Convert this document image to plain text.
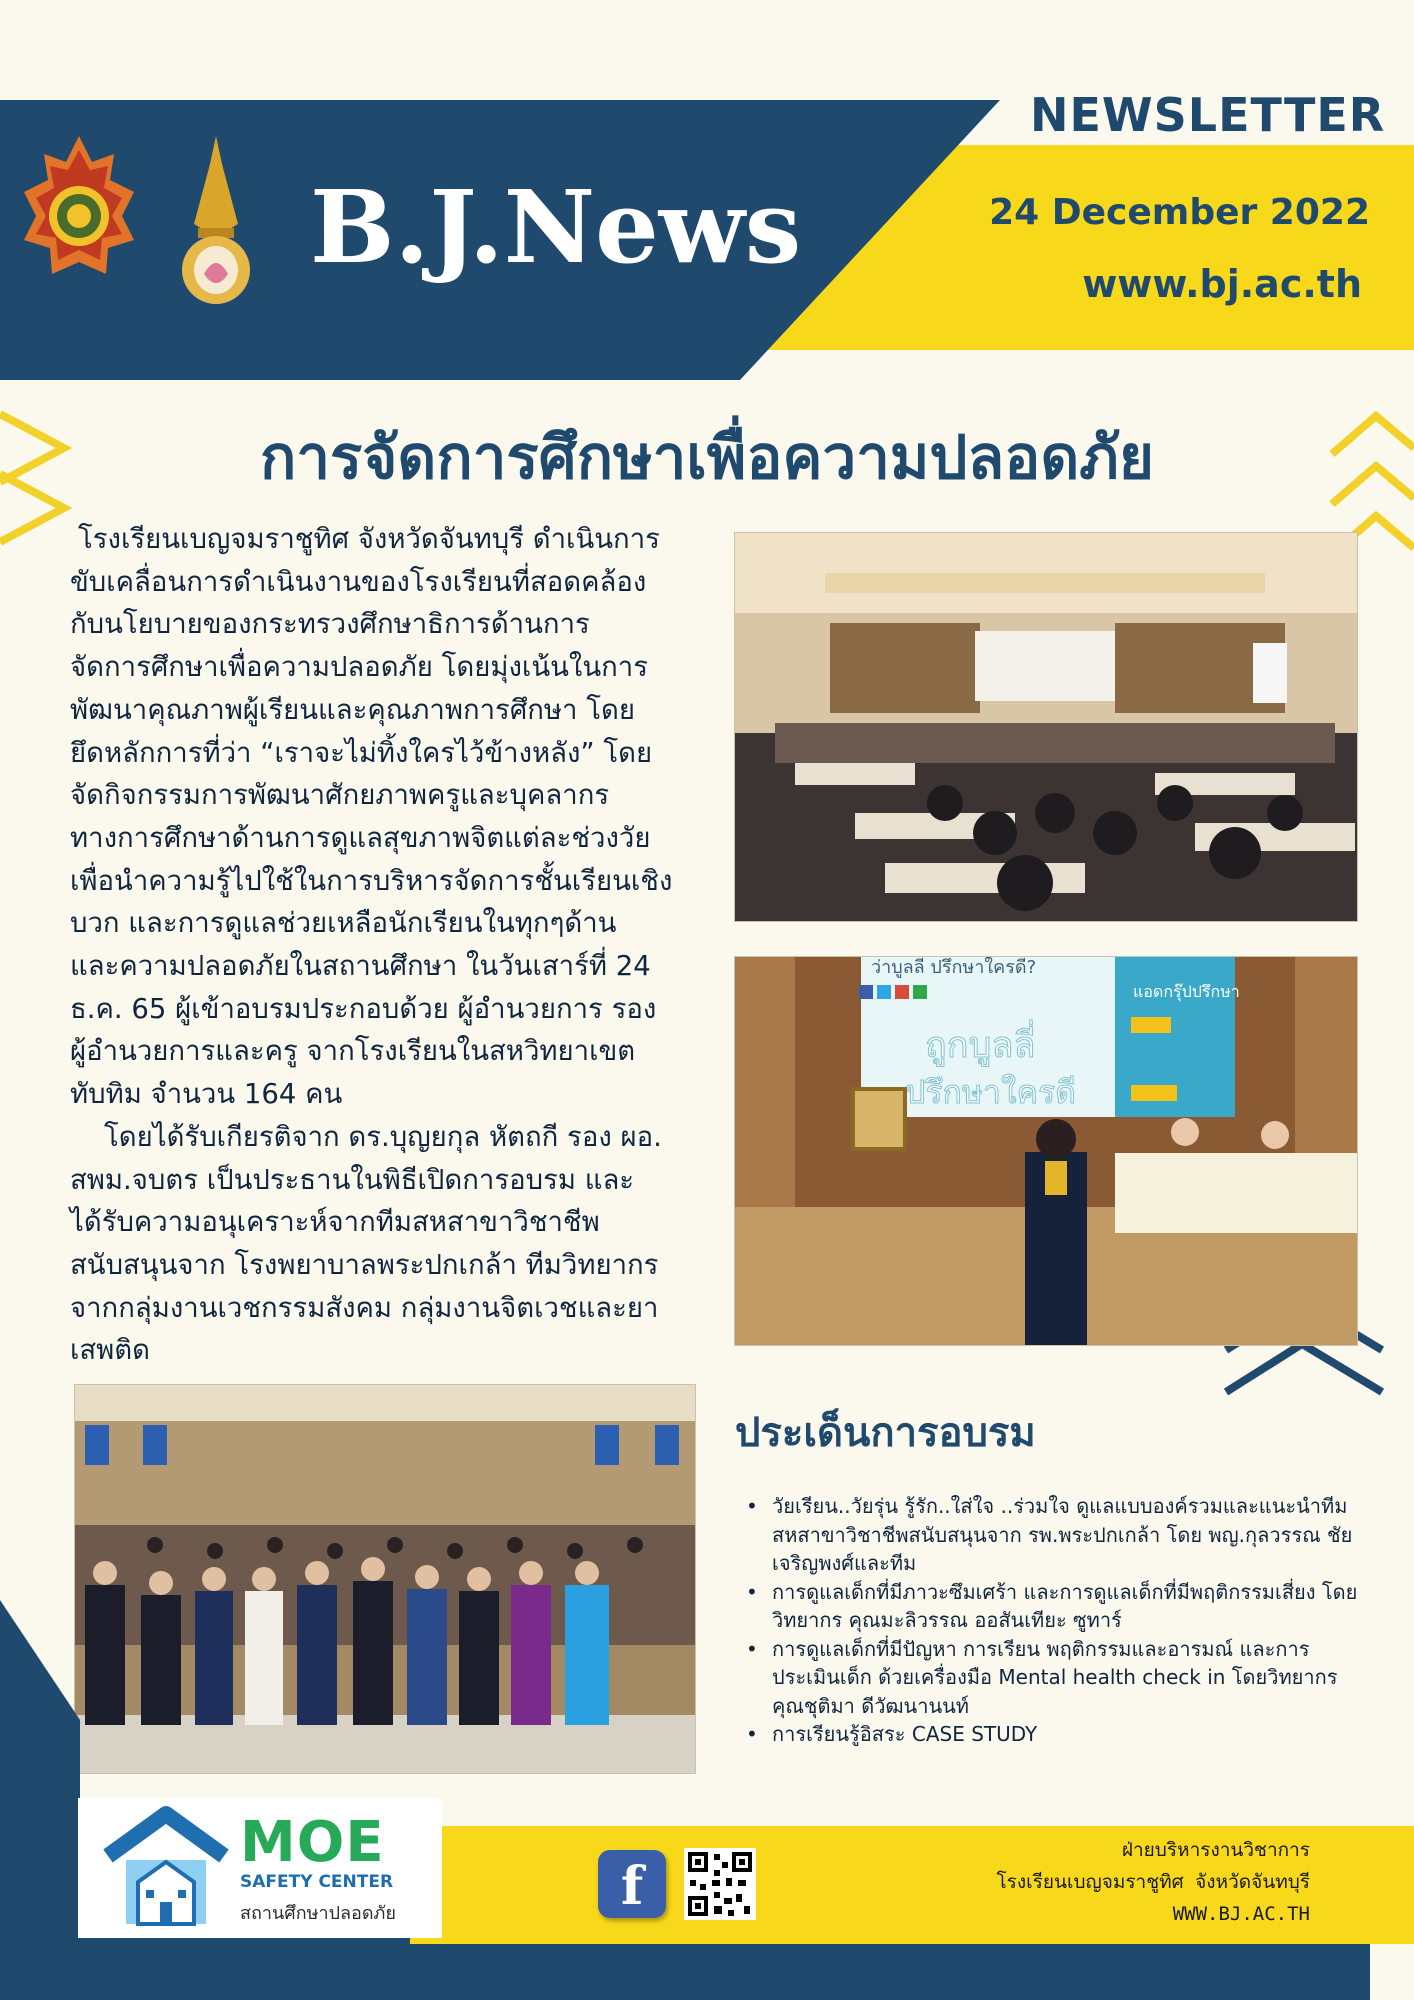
B.J.News
NEWSLETTER
24 December 2022
www.bj.ac.th
การจัดการศึกษาเพื่อความปลอดภัย

โรงเรียนเบญจมราชูทิศ จังหวัดจันทบุรี ดำเนินการ

ขับเคลื่อนการดำเนินงานของโรงเรียนที่สอดคล้อง

กับนโยบายของกระทรวงศึกษาธิการด้านการ

จัดการศึกษาเพื่อความปลอดภัย โดยมุ่งเน้นในการ

พัฒนาคุณภาพผู้เรียนและคุณภาพการศึกษา โดย

ยึดหลักการที่ว่า “เราจะไม่ทิ้งใครไว้ข้างหลัง” โดย

จัดกิจกรรมการพัฒนาศักยภาพครูและบุคลากร

ทางการศึกษาด้านการดูแลสุขภาพจิตแต่ละช่วงวัย

เพื่อนำความรู้ไปใช้ในการบริหารจัดการชั้นเรียนเชิง

บวก และการดูแลช่วยเหลือนักเรียนในทุกๆด้าน

และความปลอดภัยในสถานศึกษา ในวันเสาร์ที่ 24

ธ.ค. 65 ผู้เข้าอบรมประกอบด้วย ผู้อำนวยการ รอง

ผู้อำนวยการและครู จากโรงเรียนในสหวิทยาเขต

ทับทิม จำนวน 164 คน

โดยได้รับเกียรติจาก ดร.บุญยกุล หัตถกี รอง ผอ.

สพม.จบตร เป็นประธานในพิธีเปิดการอบรม และ

ได้รับความอนุเคราะห์จากทีมสหสาขาวิชาชีพ

สนับสนุนจาก โรงพยาบาลพระปกเกล้า ทีมวิทยากร

จากกลุ่มงานเวชกรรมสังคม กลุ่มงานจิตเวชและยา

เสพติด

ว่าบูลลี่ ปรึกษาใครดี?
แอดกรุ๊ปปรึกษา
ถูกบูลลี่
ปรึกษาใครดี
ประเด็นการอบรม
• วัยเรียน..วัยรุ่น รู้รัก..ใส่ใจ ..ร่วมใจ ดูแลแบบองค์รวมและแนะนำทีมสหสาขาวิชาชีพสนับสนุนจาก รพ.พระปกเกล้า โดย พญ.กุลวรรณ ชัยเจริญพงศ์และทีม
• การดูแลเด็กที่มีภาวะซึมเศร้า และการดูแลเด็กที่มีพฤติกรรมเสี่ยง โดยวิทยากร คุณมะลิวรรณ ออสันเทียะ ซูทาร์
• การดูแลเด็กที่มีปัญหา การเรียน พฤติกรรมและอารมณ์ และการประเมินเด็ก ด้วยเครื่องมือ Mental health check in โดยวิทยากร คุณชุติมา ดีวัฒนานนท์
• การเรียนรู้อิสระ CASE STUDY
MOE
SAFETY CENTER
สถานศึกษาปลอดภัย	f
ฝ่ายบริหารงานวิชาการ
โรงเรียนเบญจมราชูทิศ จังหวัดจันทบุรี
WWW.BJ.AC.TH
